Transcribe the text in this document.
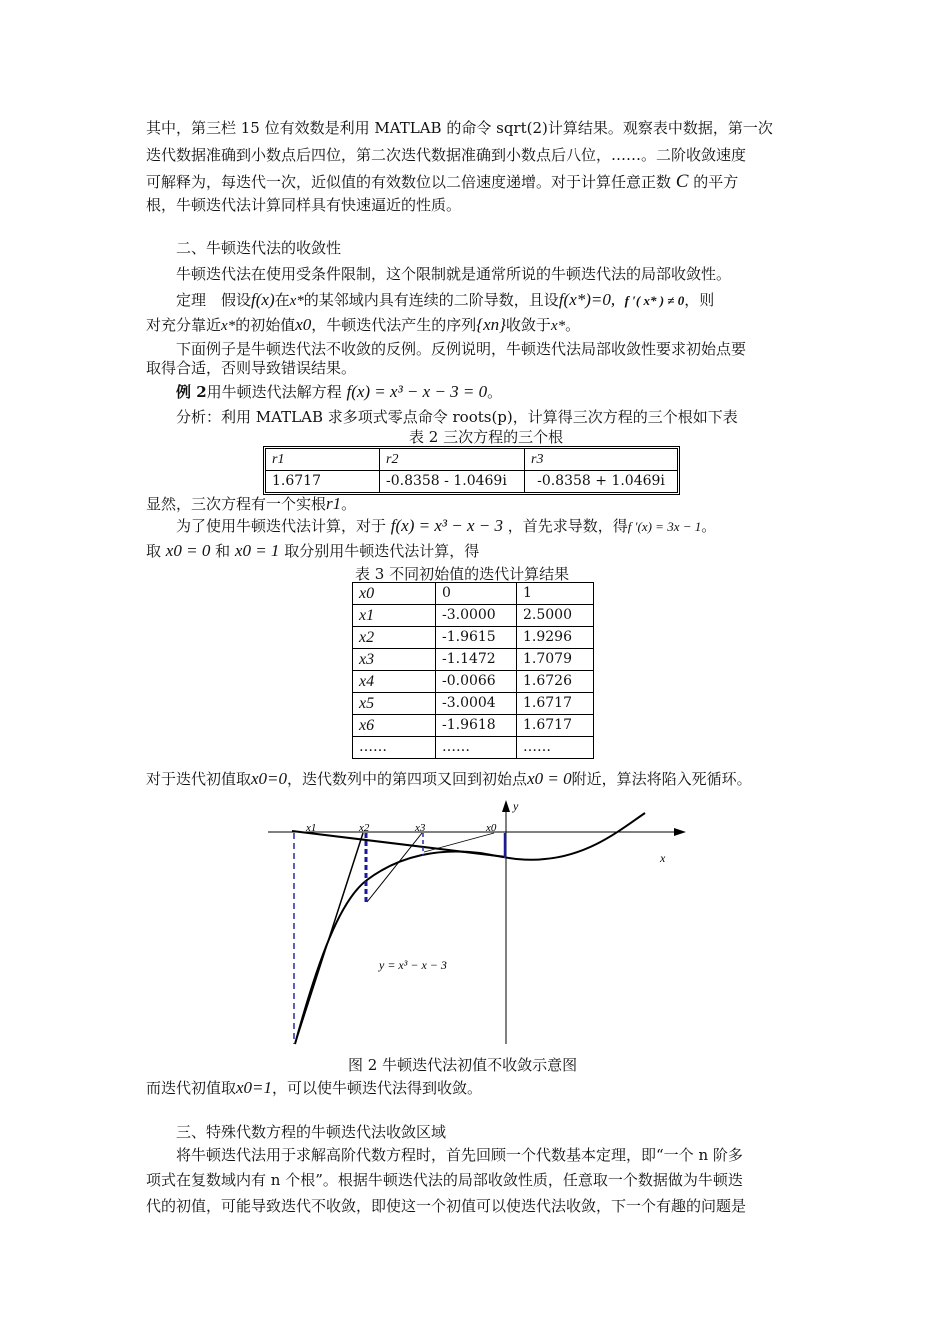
其中，第三栏 15 位有效数是利用 MATLAB 的命令 sqrt(2)计算结果。观察表中数据，第一次
迭代数据准确到小数点后四位，第二次迭代数据准确到小数点后八位，……。二阶收敛速度
可解释为，每迭代一次，近似值的有效数位以二倍速度递增。对于计算任意正数 C 的平方
根，牛顿迭代法计算同样具有快速逼近的性质。
二、牛顿迭代法的收敛性
牛顿迭代法在使用受条件限制，这个限制就是通常所说的牛顿迭代法的局部收敛性。
定理　假设f(x)在x*的某邻域内具有连续的二阶导数，且设f(x*)=0, f ′( x* ) ≠ 0，则
对充分靠近x*的初始值x0，牛顿迭代法产生的序列{xn}收敛于x*。
下面例子是牛顿迭代法不收敛的反例。反例说明，牛顿迭代法局部收敛性要求初始点要
取得合适，否则导致错误结果。
例 2用牛顿迭代法解方程 f(x) = x³ − x − 3 = 0。
分析：利用 MATLAB 求多项式零点命令 roots(p)，计算得三次方程的三个根如下表
表 2 三次方程的三个根
r1	r2	r3
1.6717	-0.8358 - 1.0469i	-0.8358 + 1.0469i
显然，三次方程有一个实根r1。
为了使用牛顿迭代法计算，对于 f(x) = x³ − x − 3 ，首先求导数，得f ′(x) = 3x − 1。
取 x0 = 0 和 x0 = 1 取分别用牛顿迭代法计算，得
表 3 不同初始值的迭代计算结果
x0	0	1
x1	-3.0000	2.5000
x2	-1.9615	1.9296
x3	-1.1472	1.7079
x4	-0.0066	1.6726
x5	-3.0004	1.6717
x6	-1.9618	1.6717
……	……	……
对于迭代初值取x0=0，迭代数列中的第四项又回到初始点x0 = 0附近，算法将陷入死循环。
x
y
x1	x2	x3	x0
y = x³ − x − 3
图 2 牛顿迭代法初值不收敛示意图
而迭代初值取x0=1，可以使牛顿迭代法得到收敛。
三、特殊代数方程的牛顿迭代法收敛区域
将牛顿迭代法用于求解高阶代数方程时，首先回顾一个代数基本定理，即“一个 n 阶多
项式在复数域内有 n 个根”。根据牛顿迭代法的局部收敛性质，任意取一个数据做为牛顿迭
代的初值，可能导致迭代不收敛，即使这一个初值可以使迭代法收敛，下一个有趣的问题是
